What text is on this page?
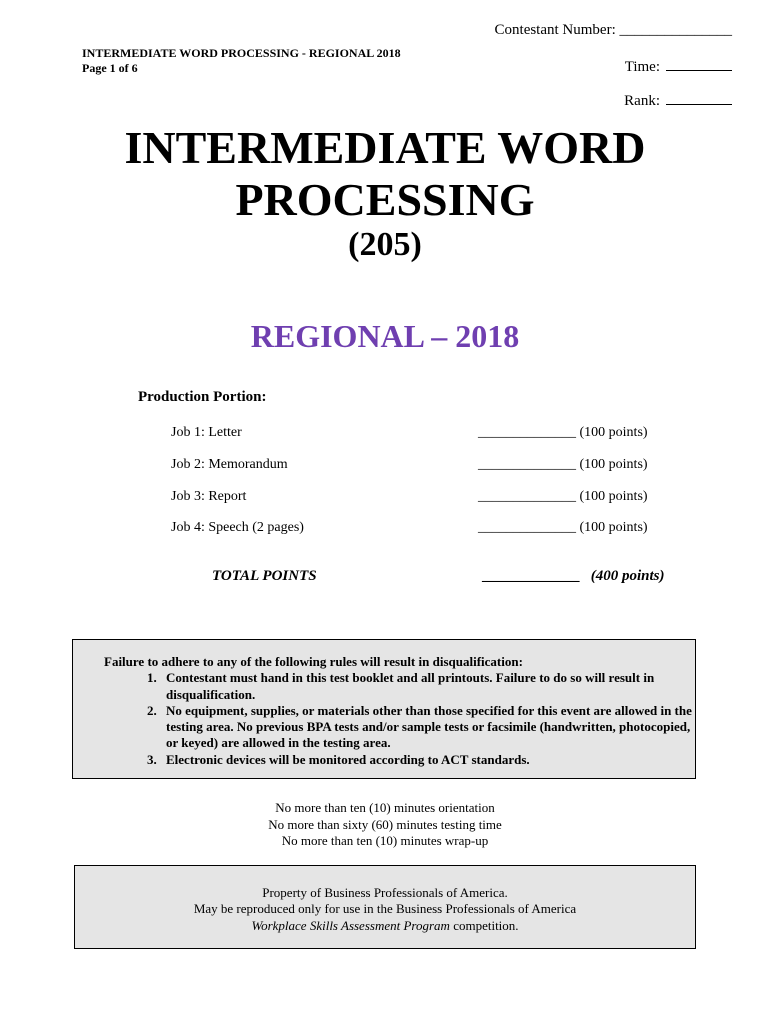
Contestant Number: _______________
INTERMEDIATE WORD PROCESSING - REGIONAL 2018
Page 1 of 6	Time:
Rank:
INTERMEDIATE WORD
PROCESSING
(205)
REGIONAL – 2018
Production Portion:
Job 1: Letter	______________ (100 points)
Job 2: Memorandum	______________ (100 points)
Job 3: Report	______________ (100 points)
Job 4: Speech (2 pages)	______________ (100 points)
TOTAL POINTS	_____________ (400 points)
Failure to adhere to any of the following rules will result in disqualification:
1. Contestant must hand in this test booklet and all printouts. Failure to do so will result in disqualification.
2. No equipment, supplies, or materials other than those specified for this event are allowed in the testing area. No previous BPA tests and/or sample tests or facsimile (handwritten, photocopied, or keyed) are allowed in the testing area.
3. Electronic devices will be monitored according to ACT standards.
No more than ten (10) minutes orientation
No more than sixty (60) minutes testing time
No more than ten (10) minutes wrap-up
Property of Business Professionals of America.
May be reproduced only for use in the Business Professionals of America
Workplace Skills Assessment Program competition.
